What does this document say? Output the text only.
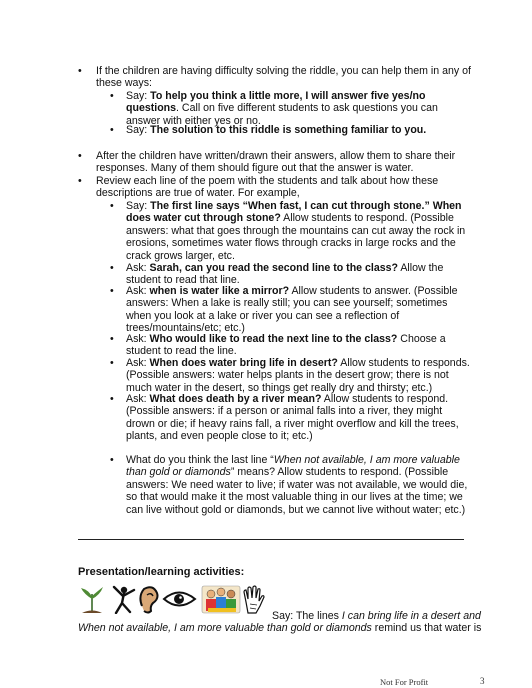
• If the children are having difficulty solving the riddle, you can help them in any of these ways:
• Say: To help you think a little more, I will answer five yes/no questions. Call on five different students to ask questions you can answer with either yes or no.
• Say: The solution to this riddle is something familiar to you.
• After the children have written/drawn their answers, allow them to share their responses. Many of them should figure out that the answer is water.
• Review each line of the poem with the students and talk about how these descriptions are true of water. For example,
• Say: The first line says “When fast, I can cut through stone.” When does water cut through stone? Allow students to respond. (Possible answers: what that goes through the mountains can cut away the rock in erosions, sometimes water flows through cracks in large rocks and the crack grows larger, etc.
• Ask: Sarah, can you read the second line to the class? Allow the student to read that line.
• Ask: when is water like a mirror? Allow students to answer. (Possible answers: When a lake is really still; you can see yourself; sometimes when you look at a lake or river you can see a reflection of trees/mountains/etc; etc.)
• Ask: Who would like to read the next line to the class? Choose a student to read the line.
• Ask: When does water bring life in desert? Allow students to responds. (Possible answers: water helps plants in the desert grow; there is not much water in the desert, so things get really dry and thirsty; etc.)
• Ask: What does death by a river mean? Allow students to respond. (Possible answers: if a person or animal falls into a river, they might drown or die; if heavy rains fall, a river might overflow and kill the trees, plants, and even people close to it; etc.)
• What do you think the last line “When not available, I am more valuable than gold or diamonds” means? Allow students to respond. (Possible answers: We need water to live; if water was not available, we would die, so that would make it the most valuable thing in our lives at the time; we can live without gold or diamonds, but we cannot live without water; etc.)
Presentation/learning activities:
Say: The lines I can bring life in a desert and
When not available, I am more valuable than gold or diamonds remind us that water is
Not For Profit	3
